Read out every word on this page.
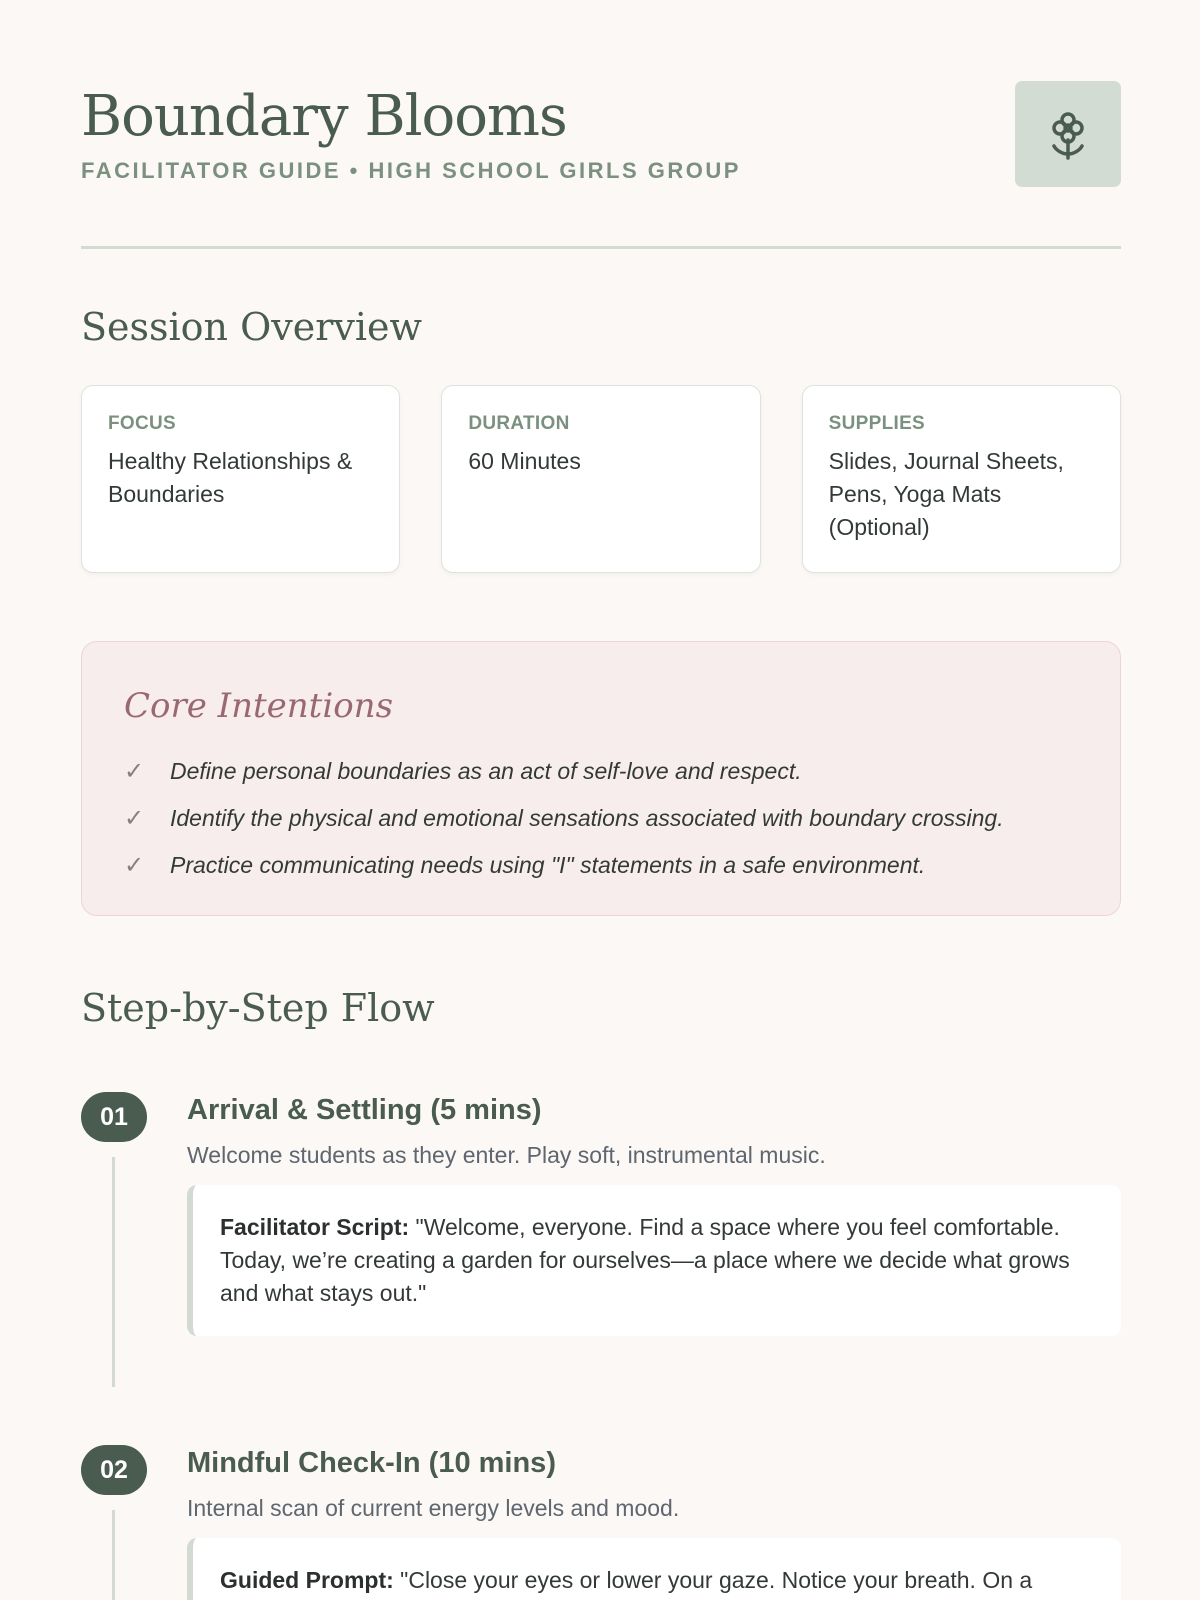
Boundary Blooms
FACILITATOR GUIDE • HIGH SCHOOL GIRLS GROUP
Session Overview
FOCUS
Healthy Relationships & Boundaries
DURATION
60 Minutes
SUPPLIES
Slides, Journal Sheets, Pens, Yoga Mats (Optional)
Core Intentions
✓	Define personal boundaries as an act of self-love and respect.
✓	Identify the physical and emotional sensations associated with boundary crossing.
✓	Practice communicating needs using "I" statements in a safe environment.
Step-by-Step Flow
01	Arrival & Settling (5 mins)
Welcome students as they enter. Play soft, instrumental music.
Facilitator Script: "Welcome, everyone. Find a space where you feel comfortable. Today, we’re creating a garden for ourselves—a place where we decide what grows and what stays out."
02	Mindful Check-In (10 mins)
Internal scan of current energy levels and mood.
Guided Prompt: "Close your eyes or lower your gaze. Notice your breath. On a
